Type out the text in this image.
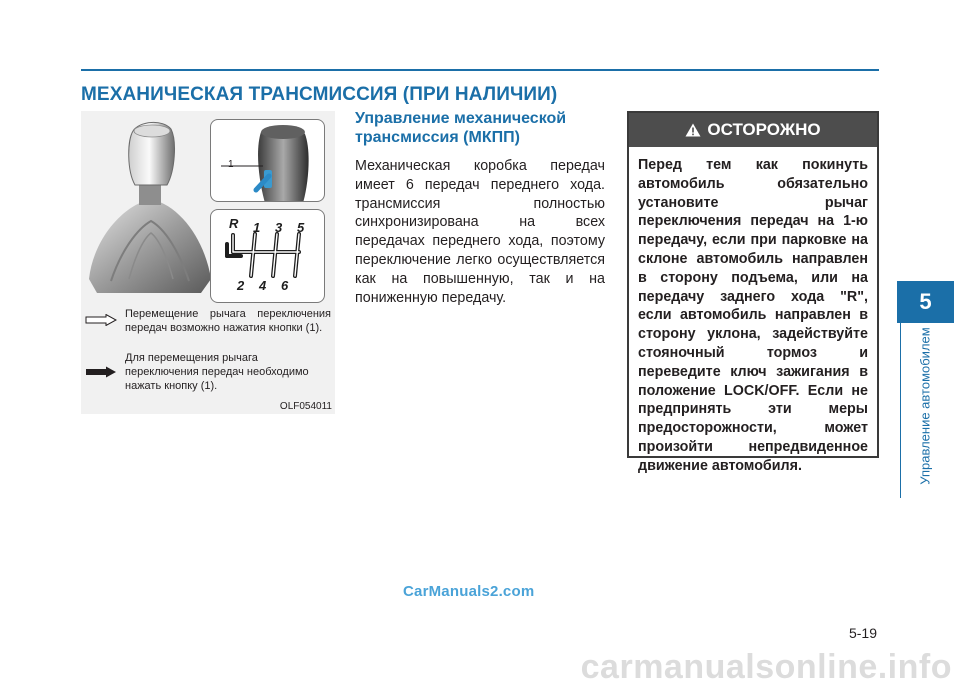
МЕХАНИЧЕСКАЯ ТРАНСМИССИЯ (ПРИ НАЛИЧИИ)
5
Управление автомобилем
1
R 1 3 5
2 4 6
Перемещение рычага переключения передач возможно нажатия кнопки (1).
Для перемещения рычага переключения передач необходимо нажать кнопку (1).
OLF054011
Управление механической трансмиссия (МКПП)
Механическая коробка передач имеет 6 передач переднего хода. трансмиссия полностью синхронизирована на всех передачах переднего хода, поэтому переключение легко осуществляется как на повышенную, так и на пониженную передачу.
ОСТОРОЖНО
Перед тем как покинуть автомобиль обязательно установите рычаг переключения передач на 1-ю передачу, если при парковке на склоне автомобиль направлен в сторону подъема, или на передачу заднего хода "R", если автомобиль направлен в сторону уклона, задействуйте стояночный тормоз и переведите ключ зажигания в положение LOCK/OFF. Если не предпринять эти меры предосторожности, может произойти непредвиденное движение автомобиля.
CarManuals2.com
5-19
carmanualsonline.info
